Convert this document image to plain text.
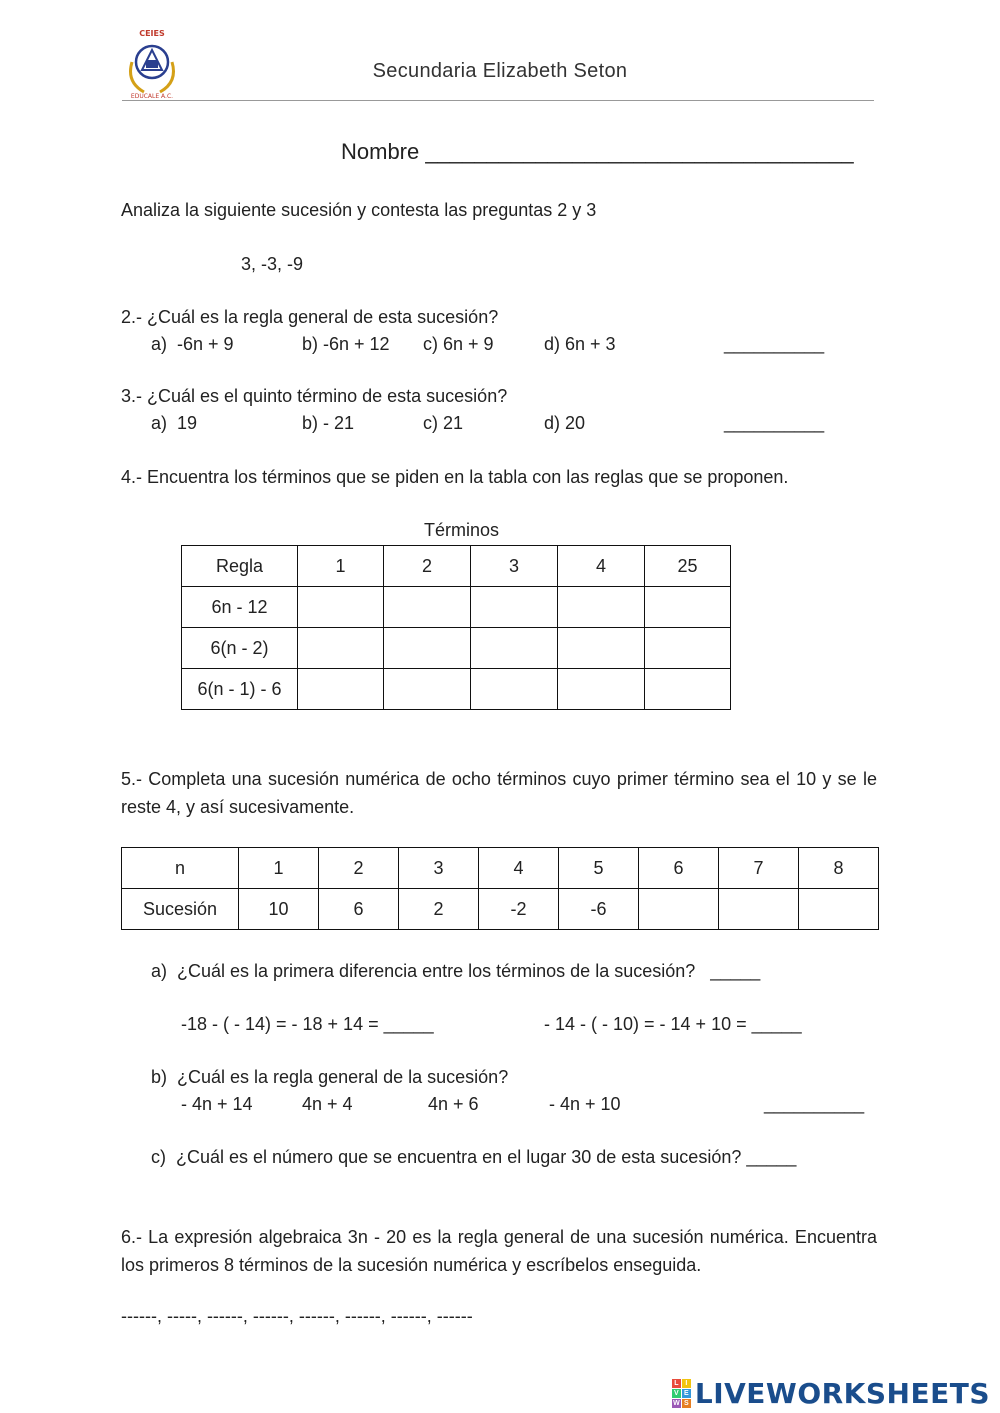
CEIES
EDUCALE A.C.
Secundaria Elizabeth Seton
Nombre ___________________________________
Analiza la siguiente sucesión y contesta las preguntas 2 y 3
3, -3, -9
2.- ¿Cuál es la regla general de esta sucesión?
a)  -6n + 9	b) -6n + 12 c) 6n + 9	d) 6n + 3	__________
3.- ¿Cuál es el quinto término de esta sucesión?
a)  19	b) - 21	c) 21	d) 20	__________
4.- Encuentra los términos que se piden en la tabla con las reglas que se proponen.
Términos
Regla	1	2	3	4	25
6n - 12					
6(n - 2)					
6(n - 1) - 6					
5.- Completa una sucesión numérica de ocho términos cuyo primer término sea el 10 y se le reste 4, y así sucesivamente.
n	1	2	3	4	5	6	7	8
Sucesión	10	6	2	-2	-6			
a)  ¿Cuál es la primera diferencia entre los términos de la sucesión?   _____
-18 - ( - 14) = - 18 + 14 = _____	- 14 - ( - 10) = - 14 + 10 = _____
b)  ¿Cuál es la regla general de la sucesión?
- 4n + 14	4n + 4	4n + 6	- 4n + 10	__________
c)  ¿Cuál es el número que se encuentra en el lugar 30 de esta sucesión? _____
6.- La expresión algebraica 3n - 20 es la regla general de una sucesión numérica. Encuentra los primeros 8 términos de la sucesión numérica y escríbelos enseguida.
------, -----, ------, ------, ------, ------, ------, ------
L I
V E
W S LIVEWORKSHEETS
